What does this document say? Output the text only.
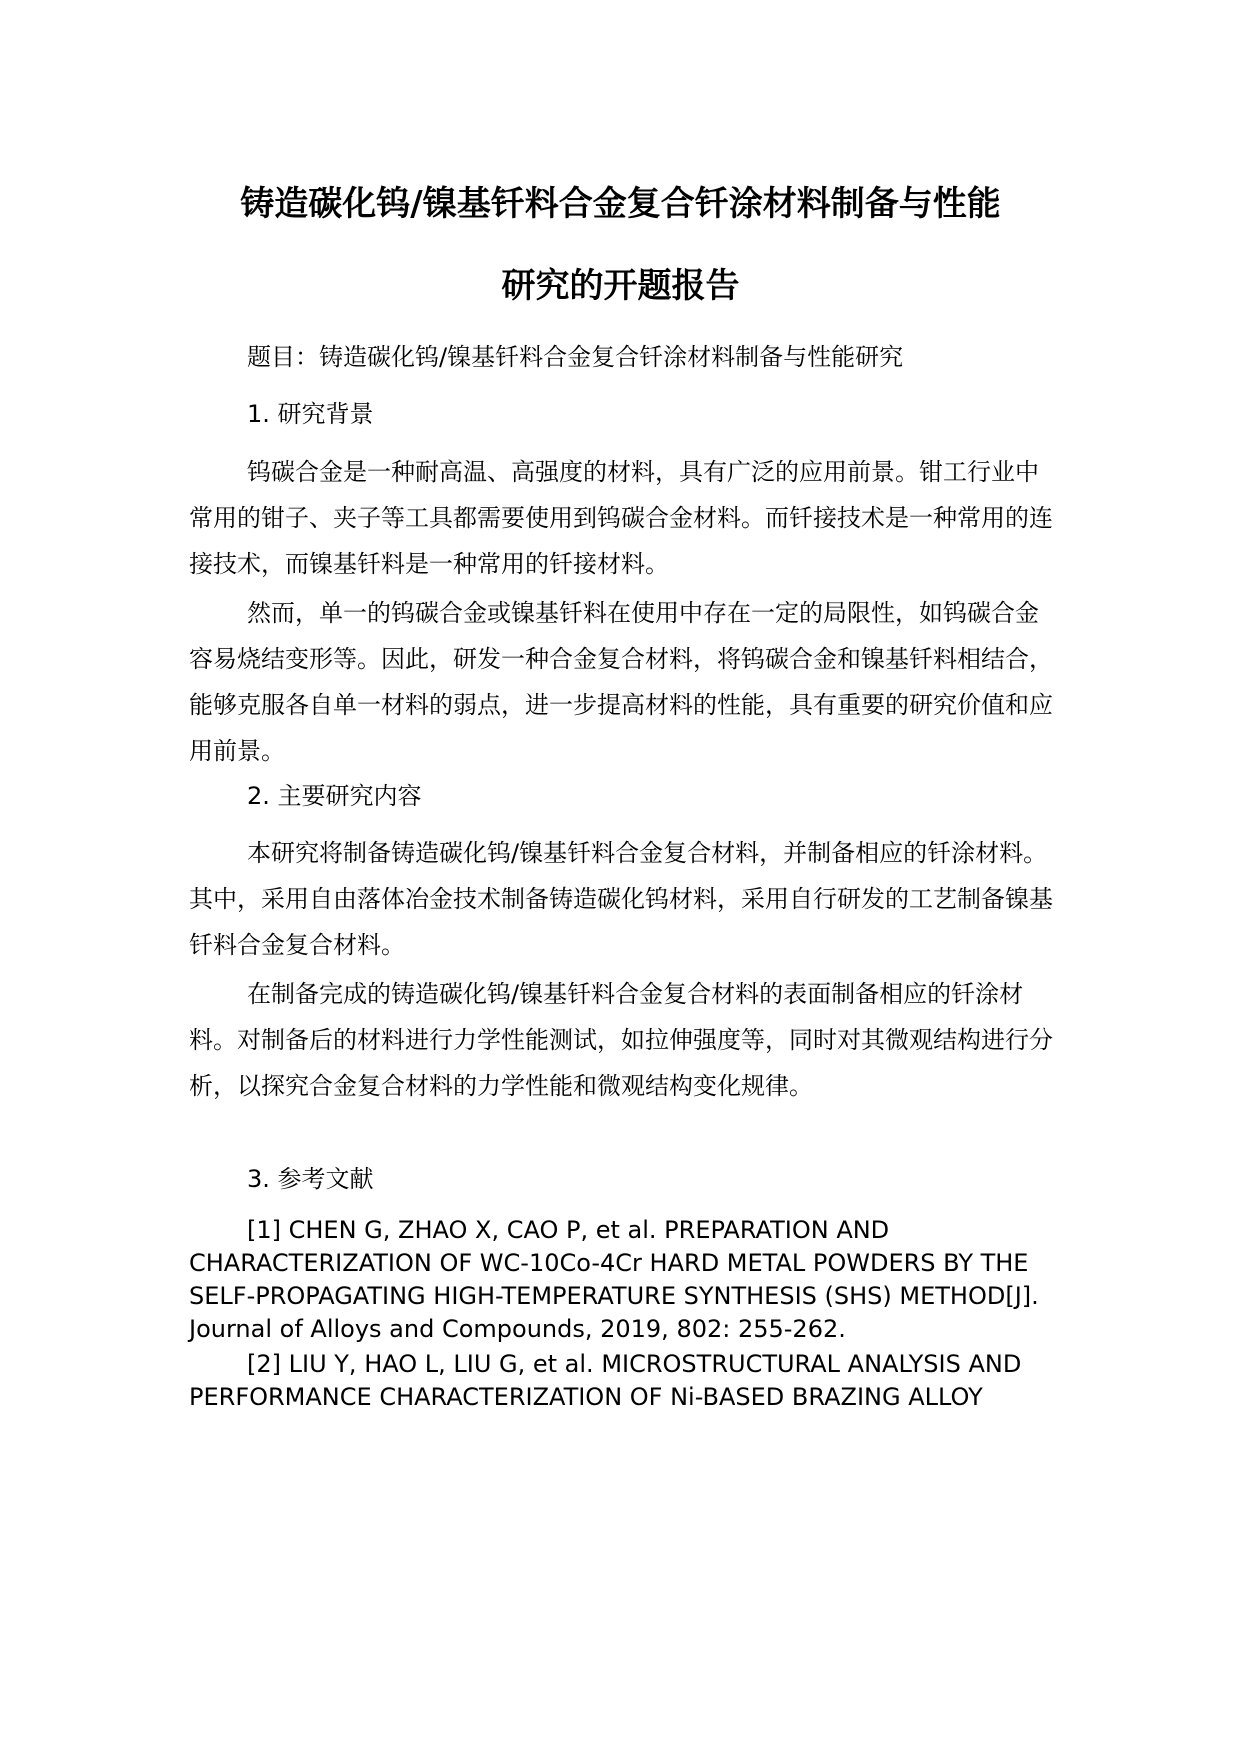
铸造碳化钨/镍基钎料合金复合钎涂材料制备与性能
研究的开题报告

题目：铸造碳化钨/镍基钎料合金复合钎涂材料制备与性能研究

1. 研究背景

钨碳合金是一种耐高温、高强度的材料，具有广泛的应用前景。钳工行业中常用的钳子、夹子等工具都需要使用到钨碳合金材料。而钎接技术是一种常用的连接技术，而镍基钎料是一种常用的钎接材料。

然而，单一的钨碳合金或镍基钎料在使用中存在一定的局限性，如钨碳合金容易烧结变形等。因此，研发一种合金复合材料，将钨碳合金和镍基钎料相结合，能够克服各自单一材料的弱点，进一步提高材料的性能，具有重要的研究价值和应用前景。

2. 主要研究内容

本研究将制备铸造碳化钨/镍基钎料合金复合材料，并制备相应的钎涂材料。其中，采用自由落体冶金技术制备铸造碳化钨材料，采用自行研发的工艺制备镍基钎料合金复合材料。

在制备完成的铸造碳化钨/镍基钎料合金复合材料的表面制备相应的钎涂材料。对制备后的材料进行力学性能测试，如拉伸强度等，同时对其微观结构进行分析，以探究合金复合材料的力学性能和微观结构变化规律。

3. 参考文献

[1] CHEN G, ZHAO X, CAO P, et al. PREPARATION AND CHARACTERIZATION OF WC-10Co-4Cr HARD METAL POWDERS BY THE SELF-PROPAGATING HIGH-TEMPERATURE SYNTHESIS (SHS) METHOD[J]. Journal of Alloys and Compounds, 2019, 802: 255-262.

[2] LIU Y, HAO L, LIU G, et al. MICROSTRUCTURAL ANALYSIS AND PERFORMANCE CHARACTERIZATION OF Ni-BASED BRAZING ALLOY
